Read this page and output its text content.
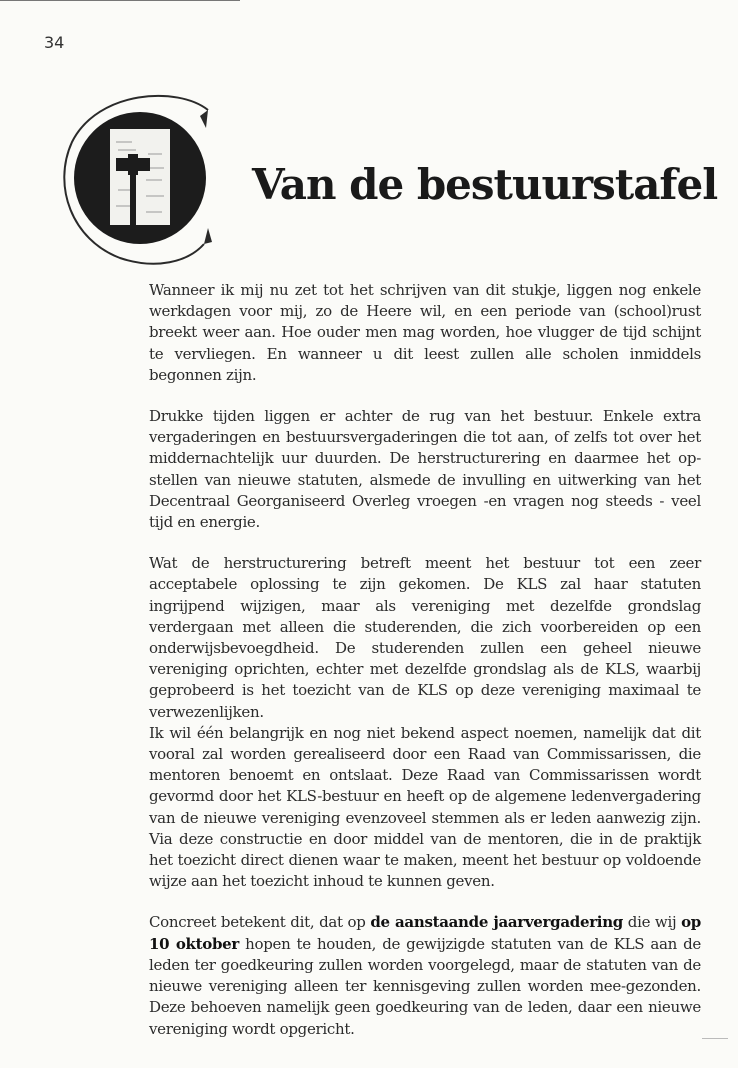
34
Van de bestuurstafel

Wanneer ik mij nu zet tot het schrijven van dit stukje, liggen nog enkele werkdagen voor mij, zo de Heere wil, en een periode van (school)rust breekt weer aan. Hoe ouder men mag worden, hoe vlugger de tijd schijnt te vervliegen. En wanneer u dit leest zullen alle scholen inmiddels begonnen zijn.

Drukke tijden liggen er achter de rug van het bestuur. Enkele extra vergaderingen en bestuursvergaderingen die tot aan, of zelfs tot over het middernachtelijk uur duurden. De herstructurering en daarmee het op-stellen van nieuwe statuten, alsmede de invulling en uitwerking van het Decentraal Georganiseerd Overleg vroegen -en vragen nog steeds - veel tijd en energie.

Wat de herstructurering betreft meent het bestuur tot een zeer acceptabele oplossing te zijn gekomen. De KLS zal haar statuten ingrijpend wijzigen, maar als vereniging met dezelfde grondslag verdergaan met alleen die studerenden, die zich voorbereiden op een onderwijsbevoegdheid. De studerenden zullen een geheel nieuwe vereniging oprichten, echter met dezelfde grondslag als de KLS, waarbij geprobeerd is het toezicht van de KLS op deze vereniging maximaal te verwezenlijken.

Ik wil één belangrijk en nog niet bekend aspect noemen, namelijk dat dit vooral zal worden gerealiseerd door een Raad van Commissarissen, die mentoren benoemt en ontslaat. Deze Raad van Commissarissen wordt gevormd door het KLS-bestuur en heeft op de algemene ledenvergadering van de nieuwe vereniging evenzoveel stemmen als er leden aanwezig zijn. Via deze constructie en door middel van de mentoren, die in de praktijk het toezicht direct dienen waar te maken, meent het bestuur op voldoende wijze aan het toezicht inhoud te kunnen geven.

Concreet betekent dit, dat op de aanstaande jaarvergadering die wij op 10 oktober hopen te houden, de gewijzigde statuten van de KLS aan de leden ter goedkeuring zullen worden voorgelegd, maar de statuten van de nieuwe vereniging alleen ter kennisgeving zullen worden mee-gezonden. Deze behoeven namelijk geen goedkeuring van de leden, daar een nieuwe vereniging wordt opgericht.
